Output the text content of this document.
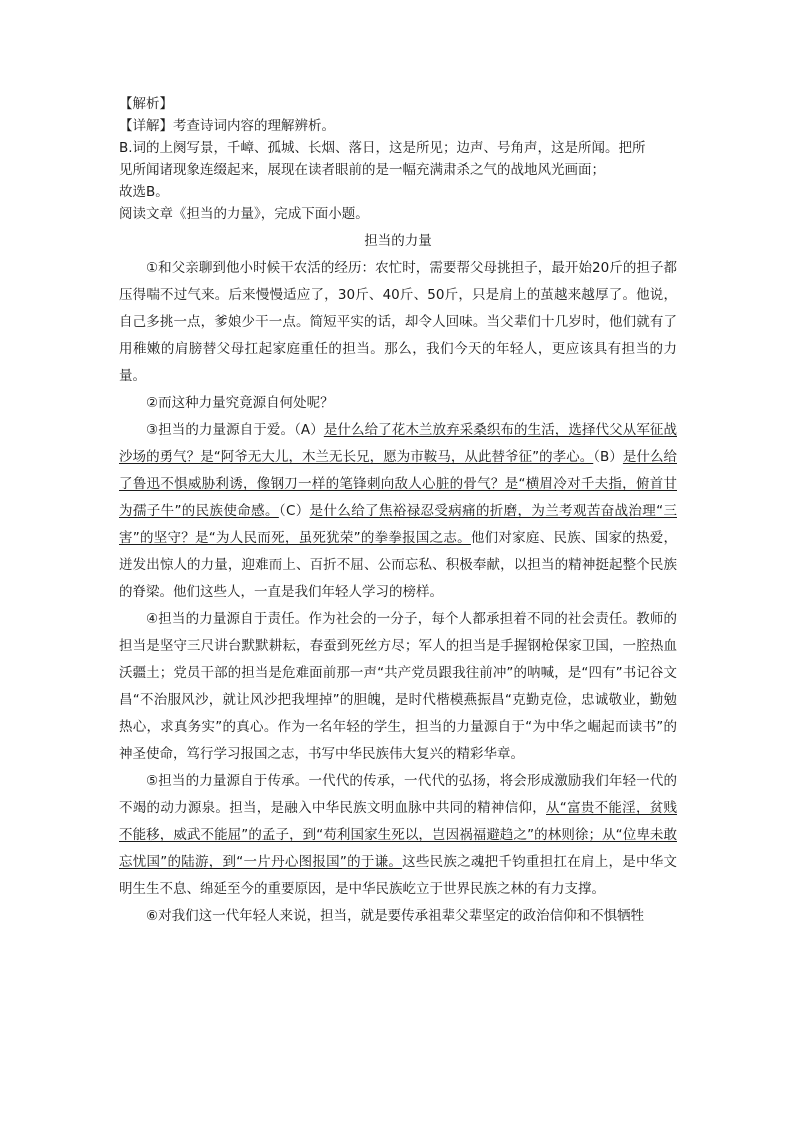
【解析】

【详解】考查诗词内容的理解辨析。

B.词的上阕写景，千嶂、孤城、长烟、落日，这是所见；边声、号角声，这是所闻。把所

见所闻诸现象连缀起来，展现在读者眼前的是一幅充满肃杀之气的战地风光画面；

故选B。

阅读文章《担当的力量》，完成下面小题。

担当的力量

①和父亲聊到他小时候干农活的经历：农忙时，需要帮父母挑担子，最开始20斤的担子都压得喘不过气来。后来慢慢适应了，30斤、40斤、50斤，只是肩上的茧越来越厚了。他说，自己多挑一点，爹娘少干一点。简短平实的话，却令人回味。当父辈们十几岁时，他们就有了用稚嫩的肩膀替父母扛起家庭重任的担当。那么，我们今天的年轻人，更应该具有担当的力量。

②而这种力量究竟源自何处呢？

③担当的力量源自于爱。（A）是什么给了花木兰放弃采桑织布的生活，选择代父从军征战沙场的勇气？是“阿爷无大儿，木兰无长兄，愿为市鞍马，从此替爷征”的孝心。（B）是什么给了鲁迅不惧威胁利诱，像钢刀一样的笔锋刺向敌人心脏的骨气？是“横眉冷对千夫指，俯首甘为孺子牛”的民族使命感。（C）是什么给了焦裕禄忍受病痛的折磨，为兰考观苦奋战治理“三害”的坚守？是“为人民而死，虽死犹荣”的拳拳报国之志。他们对家庭、民族、国家的热爱，迸发出惊人的力量，迎难而上、百折不屈、公而忘私、积极奉献，以担当的精神挺起整个民族的脊梁。他们这些人，一直是我们年轻人学习的榜样。

④担当的力量源自于责任。作为社会的一分子，每个人都承担着不同的社会责任。教师的担当是坚守三尺讲台默默耕耘，春蚕到死丝方尽；军人的担当是手握钢枪保家卫国，一腔热血沃疆土；党员干部的担当是危难面前那一声“共产党员跟我往前冲”的呐喊，是“四有”书记谷文昌“不治服风沙，就让风沙把我埋掉”的胆魄，是时代楷模燕振昌“克勤克俭，忠诚敬业，勤勉热心，求真务实”的真心。作为一名年轻的学生，担当的力量源自于“为中华之崛起而读书”的神圣使命，笃行学习报国之志，书写中华民族伟大复兴的精彩华章。

⑤担当的力量源自于传承。一代代的传承，一代代的弘扬，将会形成激励我们年轻一代的不竭的动力源泉。担当，是融入中华民族文明血脉中共同的精神信仰，从“富贵不能淫，贫贱不能移，威武不能屈”的孟子，到“苟利国家生死以，岂因祸福避趋之”的林则徐；从“位卑未敢忘忧国”的陆游，到“一片丹心图报国”的于谦。这些民族之魂把千钧重担扛在肩上，是中华文明生生不息、绵延至今的重要原因，是中华民族屹立于世界民族之林的有力支撑。

⑥对我们这一代年轻人来说，担当，就是要传承祖辈父辈坚定的政治信仰和不惧牺牲
